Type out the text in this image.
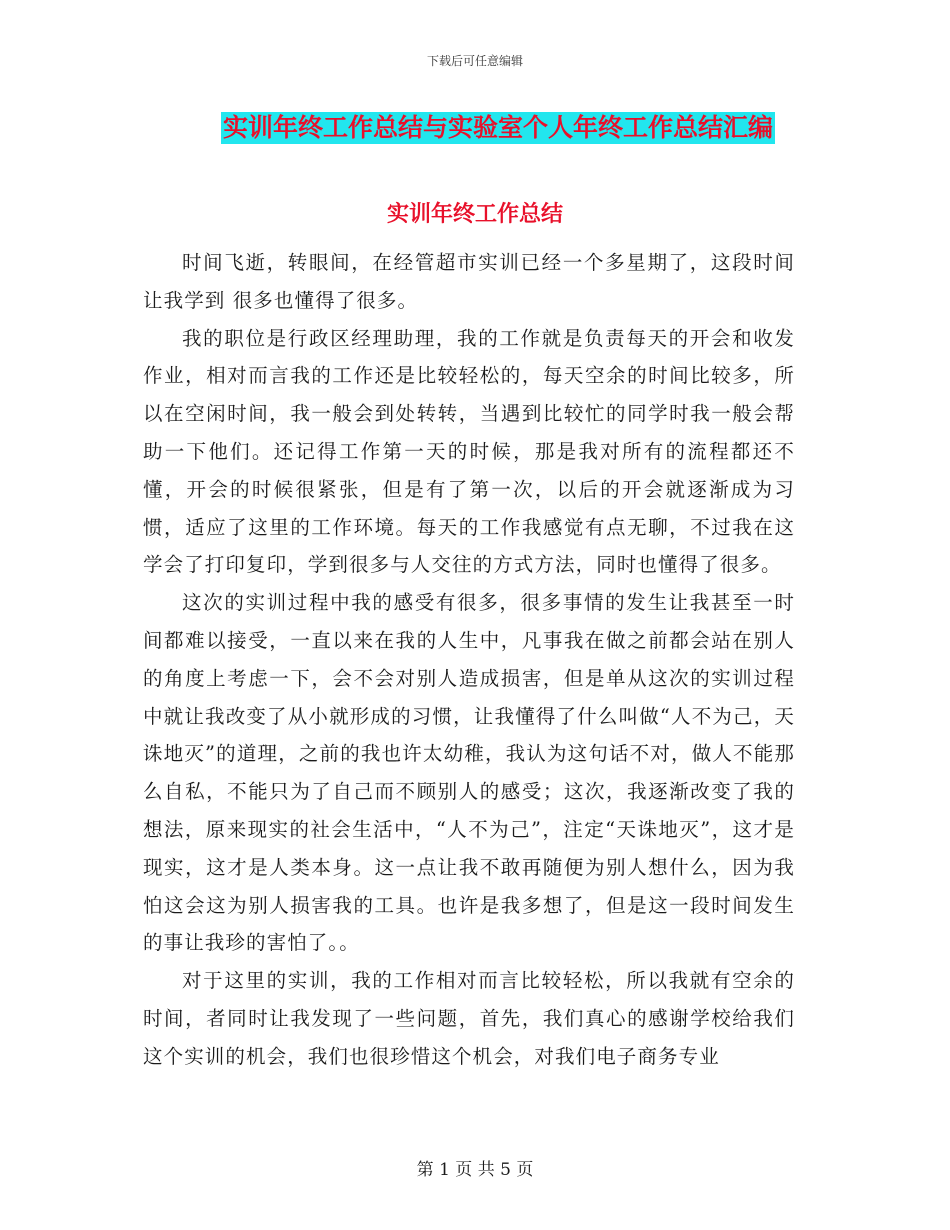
下载后可任意编辑
实训年终工作总结与实验室个人年终工作总结汇编
实训年终工作总结

时间飞逝，转眼间，在经管超市实训已经一个多星期了，这段时间让我学到 很多也懂得了很多。

我的职位是行政区经理助理，我的工作就是负责每天的开会和收发作业，相对而言我的工作还是比较轻松的，每天空余的时间比较多，所以在空闲时间，我一般会到处转转，当遇到比较忙的同学时我一般会帮助一下他们。还记得工作第一天的时候，那是我对所有的流程都还不懂，开会的时候很紧张，但是有了第一次，以后的开会就逐渐成为习惯，适应了这里的工作环境。每天的工作我感觉有点无聊，不过我在这学会了打印复印，学到很多与人交往的方式方法，同时也懂得了很多。

这次的实训过程中我的感受有很多，很多事情的发生让我甚至一时间都难以接受，一直以来在我的人生中，凡事我在做之前都会站在别人的角度上考虑一下，会不会对别人造成损害，但是单从这次的实训过程中就让我改变了从小就形成的习惯，让我懂得了什么叫做“人不为己，天诛地灭”的道理，之前的我也许太幼稚，我认为这句话不对，做人不能那么自私，不能只为了自己而不顾别人的感受；这次，我逐渐改变了我的想法，原来现实的社会生活中，“人不为己”，注定“天诛地灭”，这才是现实，这才是人类本身。这一点让我不敢再随便为别人想什么，因为我怕这会这为别人损害我的工具。也许是我多想了，但是这一段时间发生的事让我珍的害怕了。。

对于这里的实训，我的工作相对而言比较轻松，所以我就有空余的时间，者同时让我发现了一些问题，首先，我们真心的感谢学校给我们这个实训的机会，我们也很珍惜这个机会，对我们电子商务专业

第 1 页 共 5 页
